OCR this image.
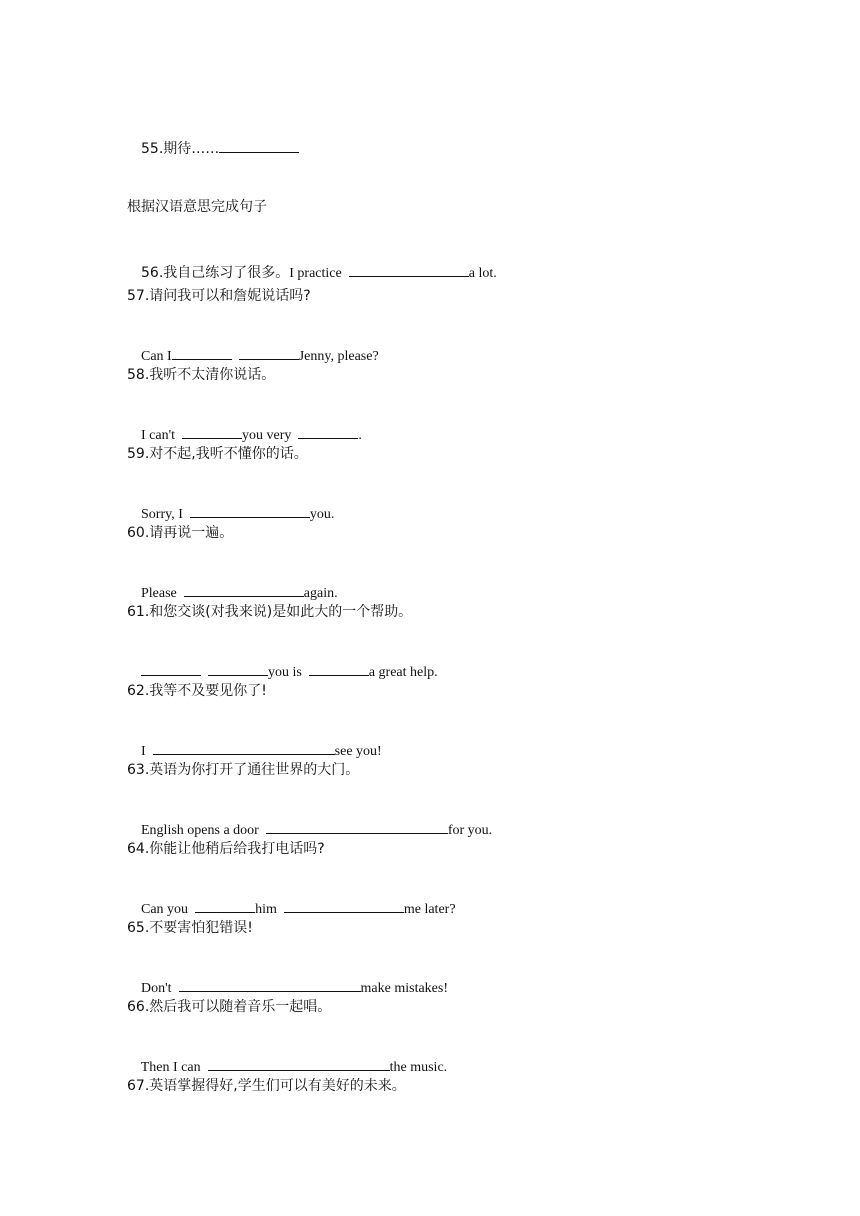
55.期待……

根据汉语意思完成句子

56.我自己练习了很多。I practice	a lot.

57.请问我可以和詹妮说话吗?

Can I	Jenny, please?

58.我听不太清你说话。

I can't	you very	.

59.对不起,我听不懂你的话。

Sorry, I	you.

60.请再说一遍。

Please	again.

61.和您交谈(对我来说)是如此大的一个帮助。

you is	a great help.

62.我等不及要见你了!

I	see you!

63.英语为你打开了通往世界的大门。

English opens a door	for you.

64.你能让他稍后给我打电话吗?

Can you	him	me later?

65.不要害怕犯错误!

Don't	make mistakes!

66.然后我可以随着音乐一起唱。

Then I can	the music.

67.英语掌握得好,学生们可以有美好的未来。
